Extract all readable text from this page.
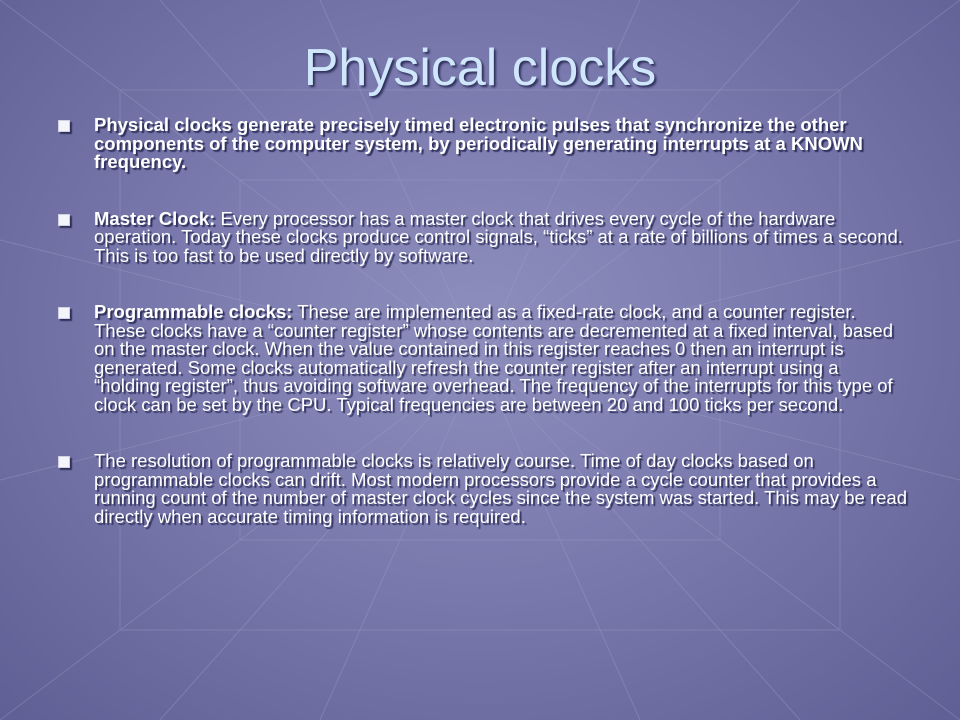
Physical clocks
Physical clocks generate precisely timed electronic pulses that synchronize the other components of the computer system, by periodically generating interrupts at a KNOWN frequency.
Master Clock: Every processor has a master clock that drives every cycle of the hardware operation. Today these clocks produce control signals, “ticks” at a rate of billions of times a second. This is too fast to be used directly by software.
Programmable clocks: These are implemented as a fixed-rate clock, and a counter register. These clocks have a “counter register” whose contents are decremented at a fixed interval, based on the master clock. When the value contained in this register reaches 0 then an interrupt is generated. Some clocks automatically refresh the counter register after an interrupt using a “holding register”, thus avoiding software overhead. The frequency of the interrupts for this type of clock can be set by the CPU. Typical frequencies are between 20 and 100 ticks per second.
The resolution of programmable clocks is relatively course. Time of day clocks based on programmable clocks can drift. Most modern processors provide a cycle counter that provides a running count of the number of master clock cycles since the system was started. This may be read directly when accurate timing information is required.
